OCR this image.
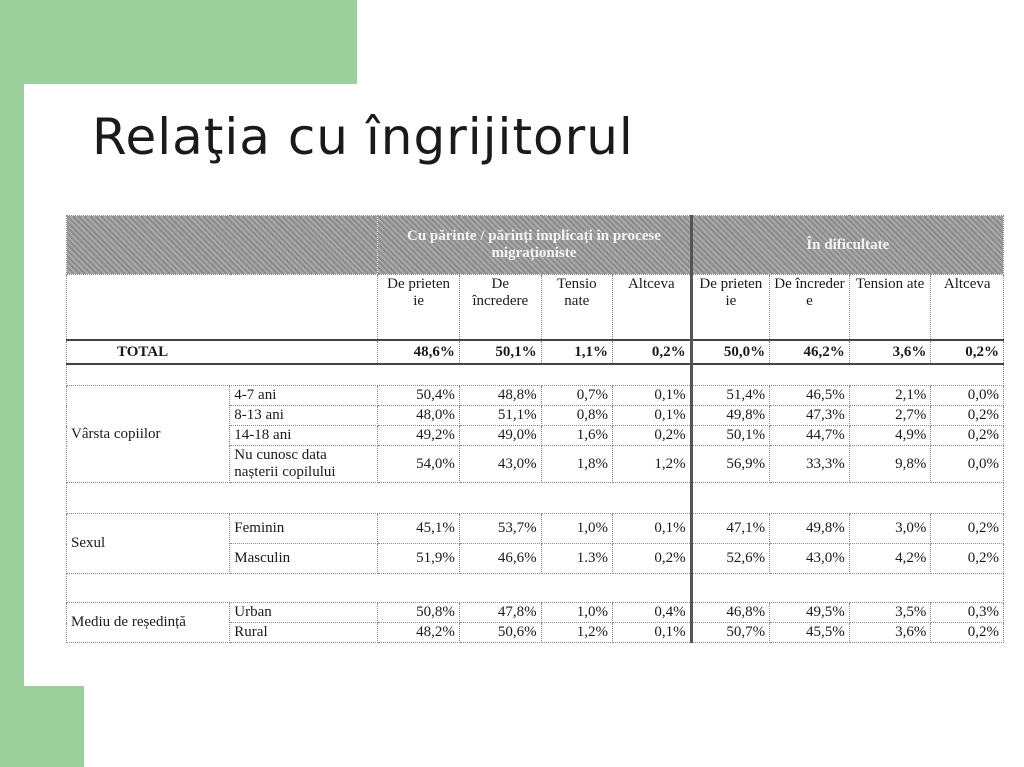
Relaţia cu îngrijitorul
		Cu părinte / părinți implicați în procese migraționiste				În dificultate			
		De prieten ie	De încredere	Tensio nate	Altceva	De prieten ie	De încreder e	Tension ate	Altceva
TOTAL		48,6%	50,1%	1,1%	0,2%	50,0%	46,2%	3,6%	0,2%

Vârsta copiilor	4-7 ani	50,4%	48,8%	0,7%	0,1%	51,4%	46,5%	2,1%	0,0%
	8-13 ani	48,0%	51,1%	0,8%	0,1%	49,8%	47,3%	2,7%	0,2%
	14-18 ani	49,2%	49,0%	1,6%	0,2%	50,1%	44,7%	4,9%	0,2%
	Nu cunosc data nașterii copilului	54,0%	43,0%	1,8%	1,2%	56,9%	33,3%	9,8%	0,0%

Sexul	Feminin	45,1%	53,7%	1,0%	0,1%	47,1%	49,8%	3,0%	0,2%
	Masculin	51,9%	46,6%	1.3%	0,2%	52,6%	43,0%	4,2%	0,2%

Mediu de reședință	Urban	50,8%	47,8%	1,0%	0,4%	46,8%	49,5%	3,5%	0,3%
	Rural	48,2%	50,6%	1,2%	0,1%	50,7%	45,5%	3,6%	0,2%
